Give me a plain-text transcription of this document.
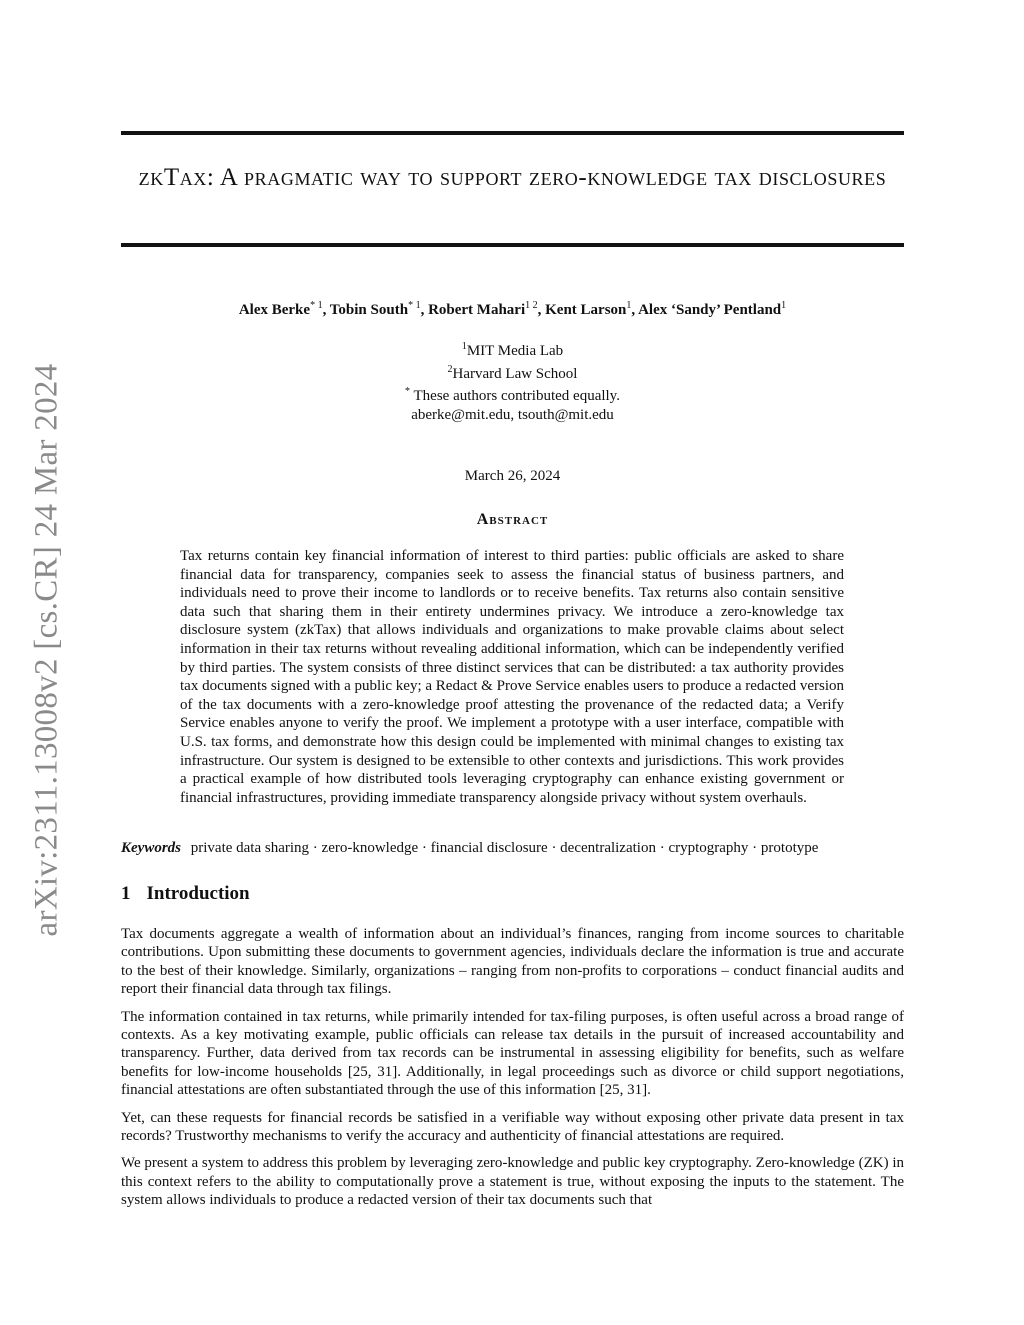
arXiv:2311.13008v2 [cs.CR] 24 Mar 2024
zkTax: A pragmatic way to support zero-knowledge tax disclosures
Alex Berke$^{* 1}$, Tobin South$^{* 1}$, Robert Mahari$^{1 2}$, Kent Larson$^1$, Alex ‘Sandy’ Pentland$^1$
$^1$MIT Media Lab
$^2$Harvard Law School
* These authors contributed equally.
aberke@mit.edu, tsouth@mit.edu
March 26, 2024
Abstract
Tax returns contain key financial information of interest to third parties: public officials are asked to share financial data for transparency, companies seek to assess the financial status of business partners, and individuals need to prove their income to landlords or to receive benefits. Tax returns also contain sensitive data such that sharing them in their entirety undermines privacy. We introduce a zero-knowledge tax disclosure system (zkTax) that allows individuals and organizations to make provable claims about select information in their tax returns without revealing additional information, which can be independently verified by third parties. The system consists of three distinct services that can be distributed: a tax authority provides tax documents signed with a public key; a Redact & Prove Service enables users to produce a redacted version of the tax documents with a zero-knowledge proof attesting the provenance of the redacted data; a Verify Service enables anyone to verify the proof. We implement a prototype with a user interface, compatible with U.S. tax forms, and demonstrate how this design could be implemented with minimal changes to existing tax infrastructure. Our system is designed to be extensible to other contexts and jurisdictions. This work provides a practical example of how distributed tools leveraging cryptography can enhance existing government or financial infrastructures, providing immediate transparency alongside privacy without system overhauls.
Keywords private data sharing · zero-knowledge · financial disclosure · decentralization · cryptography · prototype
1 Introduction

Tax documents aggregate a wealth of information about an individual’s finances, ranging from income sources to charitable contributions. Upon submitting these documents to government agencies, individuals declare the information is true and accurate to the best of their knowledge. Similarly, organizations – ranging from non-profits to corporations – conduct financial audits and report their financial data through tax filings.

The information contained in tax returns, while primarily intended for tax-filing purposes, is often useful across a broad range of contexts. As a key motivating example, public officials can release tax details in the pursuit of increased accountability and transparency. Further, data derived from tax records can be instrumental in assessing eligibility for benefits, such as welfare benefits for low-income households [25, 31]. Additionally, in legal proceedings such as divorce or child support negotiations, financial attestations are often substantiated through the use of this information [25, 31].

Yet, can these requests for financial records be satisfied in a verifiable way without exposing other private data present in tax records? Trustworthy mechanisms to verify the accuracy and authenticity of financial attestations are required.

We present a system to address this problem by leveraging zero-knowledge and public key cryptography. Zero-knowledge (ZK) in this context refers to the ability to computationally prove a statement is true, without exposing the inputs to the statement. The system allows individuals to produce a redacted version of their tax documents such that
